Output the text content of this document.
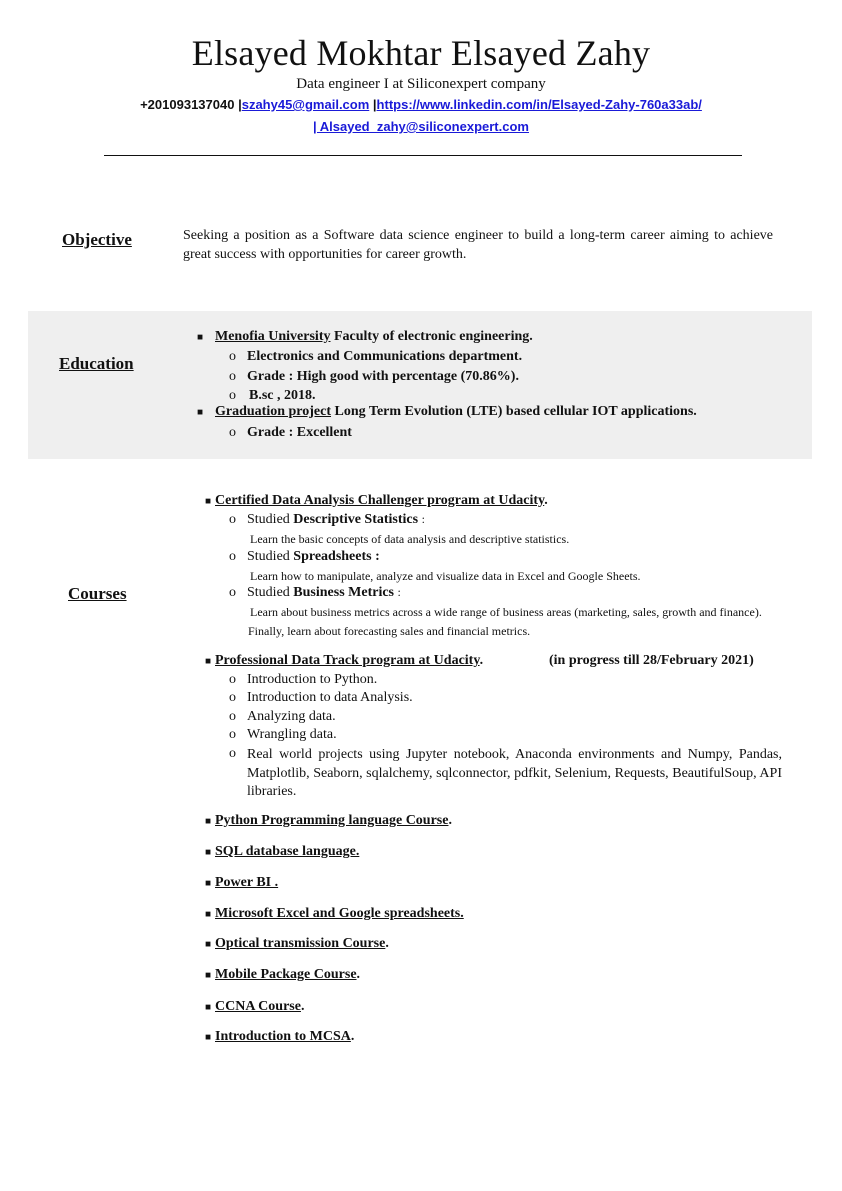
Elsayed Mokhtar Elsayed Zahy
Data engineer I at Siliconexpert company
+201093137040 |szahy45@gmail.com |https://www.linkedin.com/in/Elsayed-Zahy-760a33ab/
| Alsayed_zahy@siliconexpert.com
Objective	Seeking a position as a Software data science engineer to build a long-term career aiming to achieve great success with opportunities for career growth.
Education
■ Menofia University Faculty of electronic engineering.
o Electronics and Communications department.
o Grade : High good with percentage (70.86%).
o B.sc , 2018.
■ Graduation project Long Term Evolution (LTE) based cellular IOT applications.
o Grade : Excellent
Courses
■ Certified Data Analysis Challenger program at Udacity.
o Studied Descriptive Statistics :
Learn the basic concepts of data analysis and descriptive statistics.
o Studied Spreadsheets :
Learn how to manipulate, analyze and visualize data in Excel and Google Sheets.
o Studied Business Metrics :
Learn about business metrics across a wide range of business areas (marketing, sales, growth and finance). Finally, learn about forecasting sales and financial metrics.
■ Professional Data Track program at Udacity.	(in progress till 28/February 2021)
o Introduction to Python.
o Introduction to data Analysis.
o Analyzing data.
o Wrangling data.
o Real world projects using Jupyter notebook, Anaconda environments and Numpy, Pandas, Matplotlib, Seaborn, sqlalchemy, sqlconnector, pdfkit, Selenium, Requests, BeautifulSoup, API libraries.
■ Python Programming language Course.
■ SQL database language.
■ Power BI .
■ Microsoft Excel and Google spreadsheets.
■ Optical transmission Course.
■ Mobile Package Course.
■ CCNA Course.
■ Introduction to MCSA.
